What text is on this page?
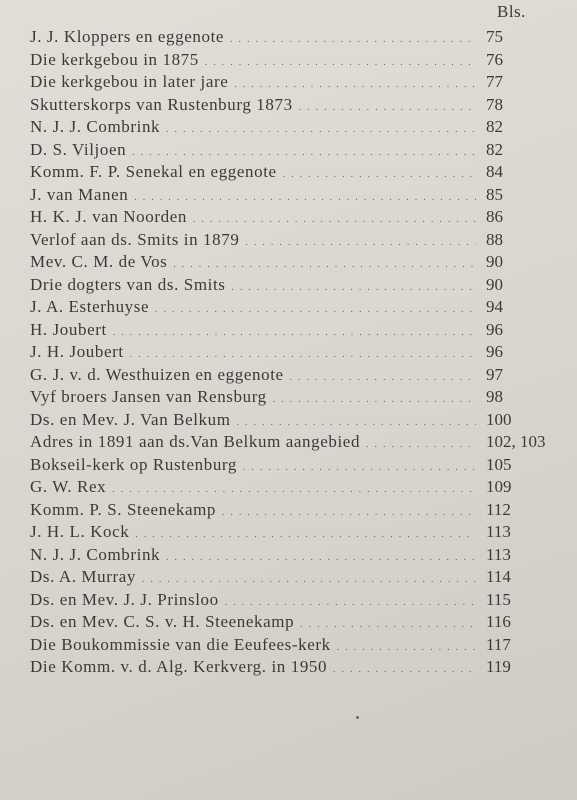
Bls.
J. J. Kloppers en eggenote . . .	75
Die kerkgebou in 1875 . . .	76
Die kerkgebou in later jare . . .	77
Skutterskorps van Rustenburg 1873 . . .	78
N. J. J. Combrink . . .	82
D. S. Viljoen . . .	82
Komm. F. P. Senekal en eggenote . . .	84
J. van Manen . . .	85
H. K. J. van Noorden . . .	86
Verlof aan ds. Smits in 1879 . . .	88
Mev. C. M. de Vos . . .	90
Drie dogters van ds. Smits . . .	90
J. A. Esterhuyse . . .	94
H. Joubert . . .	96
J. H. Joubert . . .	96
G. J. v. d. Westhuizen en eggenote . . .	97
Vyf broers Jansen van Rensburg . . .	98
Ds. en Mev. J. Van Belkum . . .	100
Adres in 1891 aan ds.Van Belkum aangebied . . .	102, 103
Bokseil-kerk op Rustenburg . . .	105
G. W. Rex . . .	109
Komm. P. S. Steenekamp . . .	112
J. H. L. Kock . . .	113
N. J. J. Combrink . . .	113
Ds. A. Murray . . .	114
Ds. en Mev. J. J. Prinsloo . . .	115
Ds. en Mev. C. S. v. H. Steenekamp . . .	116
Die Boukommissie van die Eeufees-kerk . . .	117
Die Komm. v. d. Alg. Kerkverg. in 1950 . . .	119
